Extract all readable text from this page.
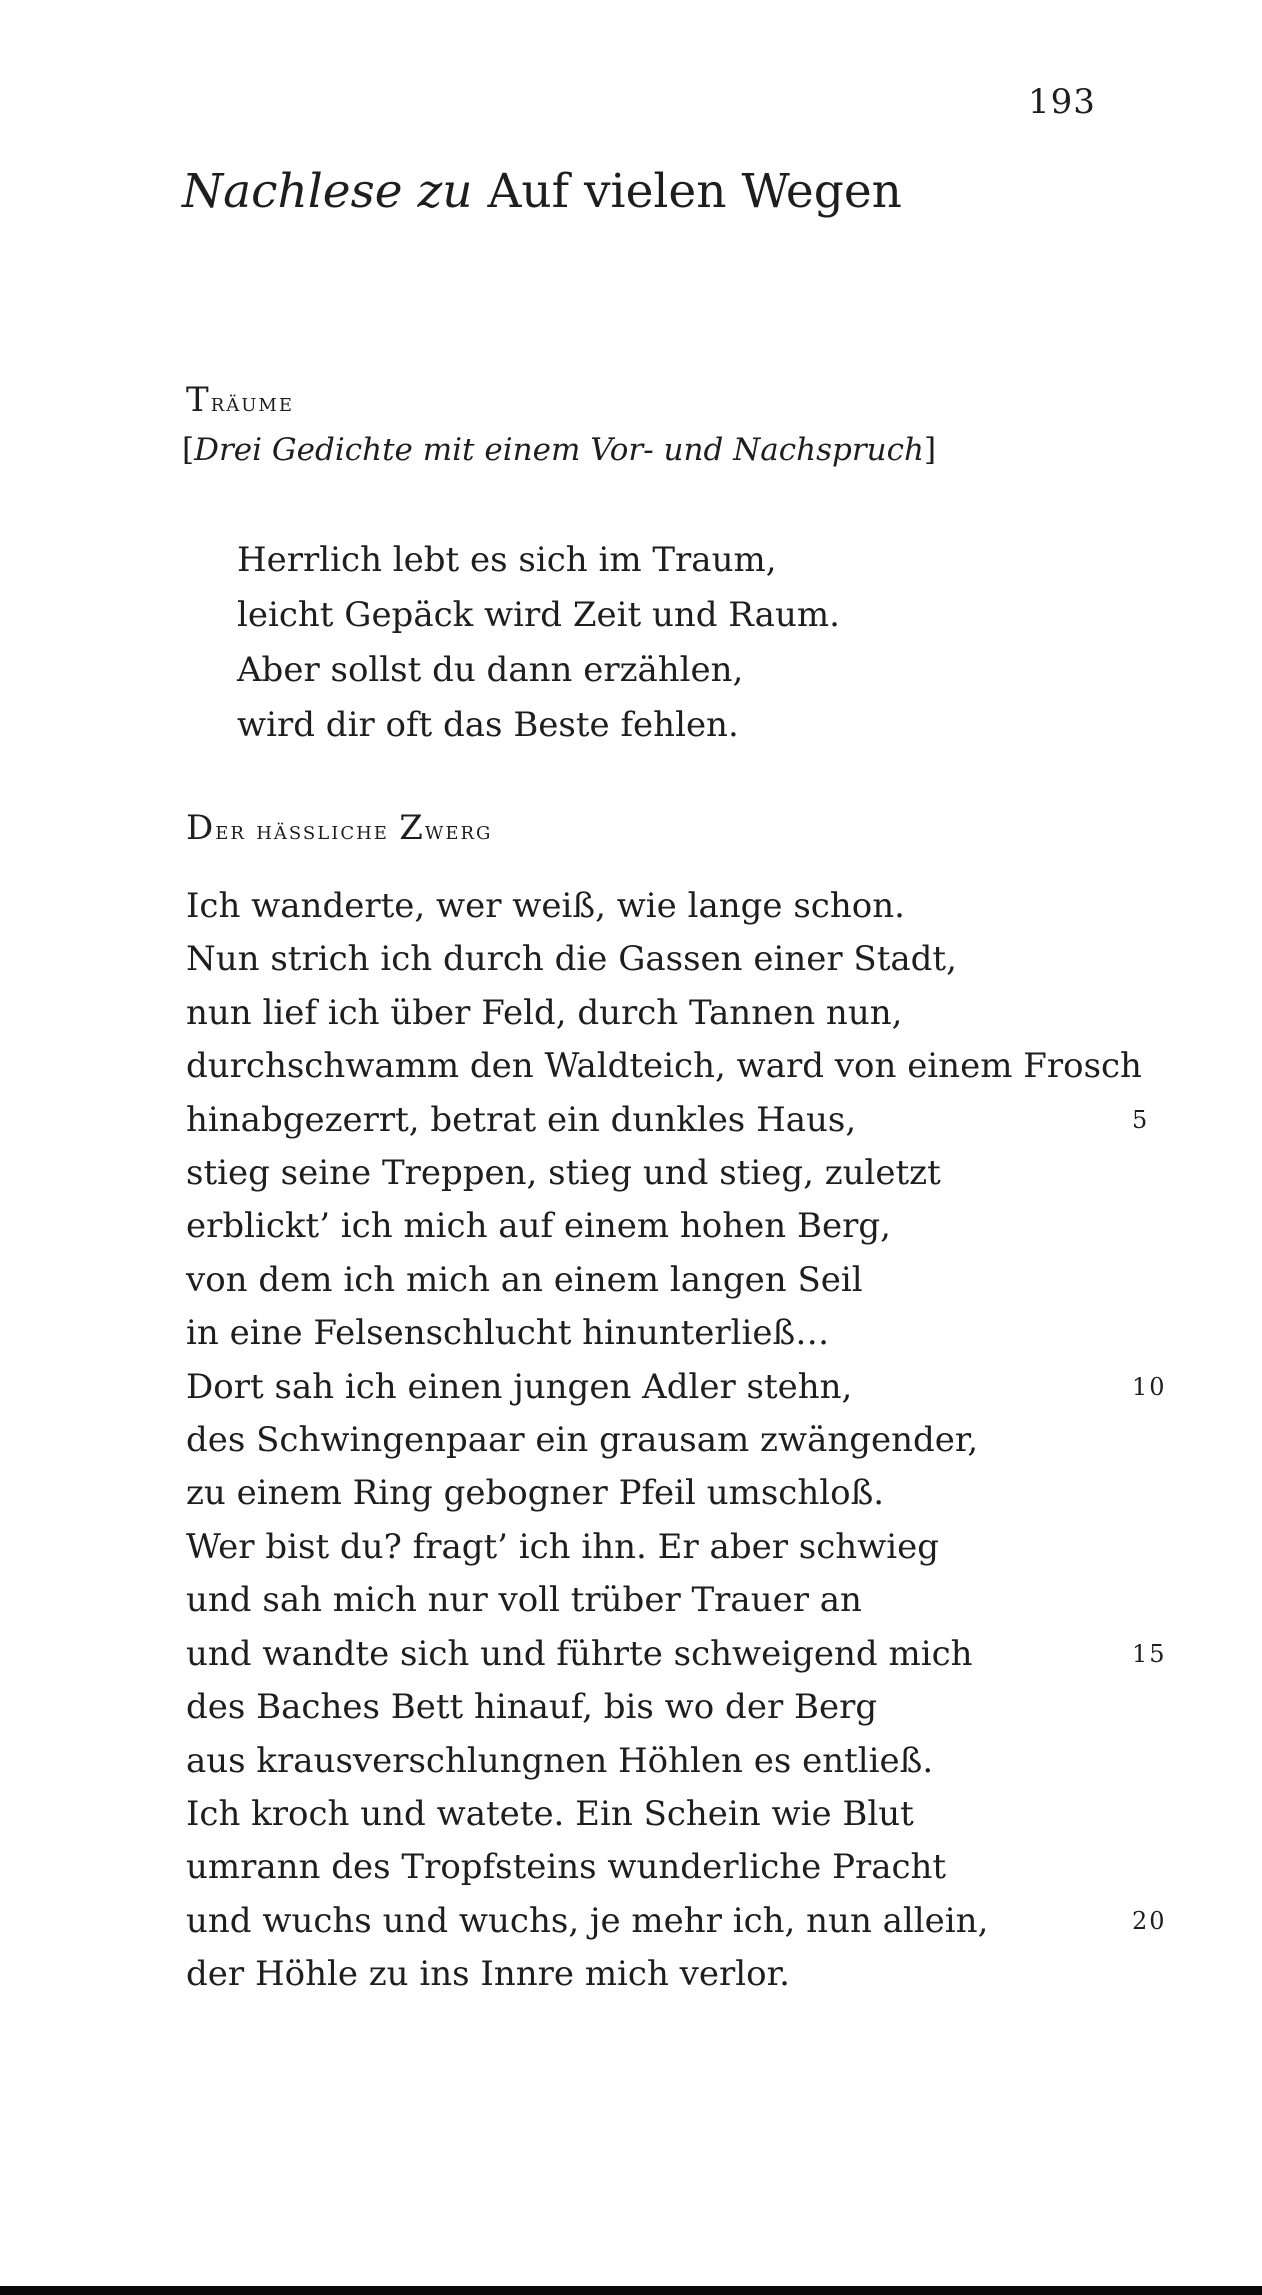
193
Nachlese zu Auf vielen Wegen
Träume
[Drei Gedichte mit einem Vor- und Nachspruch]
Herrlich lebt es sich im Traum,
leicht Gepäck wird Zeit und Raum.
Aber sollst du dann erzählen,
wird dir oft das Beste fehlen.
Der hässliche Zwerg
Ich wanderte, wer weiß, wie lange schon.
Nun strich ich durch die Gassen einer Stadt,
nun lief ich über Feld, durch Tannen nun,
durchschwamm den Waldteich, ward von einem Frosch
hinabgezerrt, betrat ein dunkles Haus,	5
stieg seine Treppen, stieg und stieg, zuletzt
erblickt’ ich mich auf einem hohen Berg,
von dem ich mich an einem langen Seil
in eine Felsenschlucht hinunterließ…
Dort sah ich einen jungen Adler stehn,	10
des Schwingenpaar ein grausam zwängender,
zu einem Ring gebogner Pfeil umschloß.
Wer bist du? fragt’ ich ihn. Er aber schwieg
und sah mich nur voll trüber Trauer an
und wandte sich und führte schweigend mich	15
des Baches Bett hinauf, bis wo der Berg
aus krausverschlungnen Höhlen es entließ.
Ich kroch und watete. Ein Schein wie Blut
umrann des Tropfsteins wunderliche Pracht
und wuchs und wuchs, je mehr ich, nun allein,	20
der Höhle zu ins Innre mich verlor.
